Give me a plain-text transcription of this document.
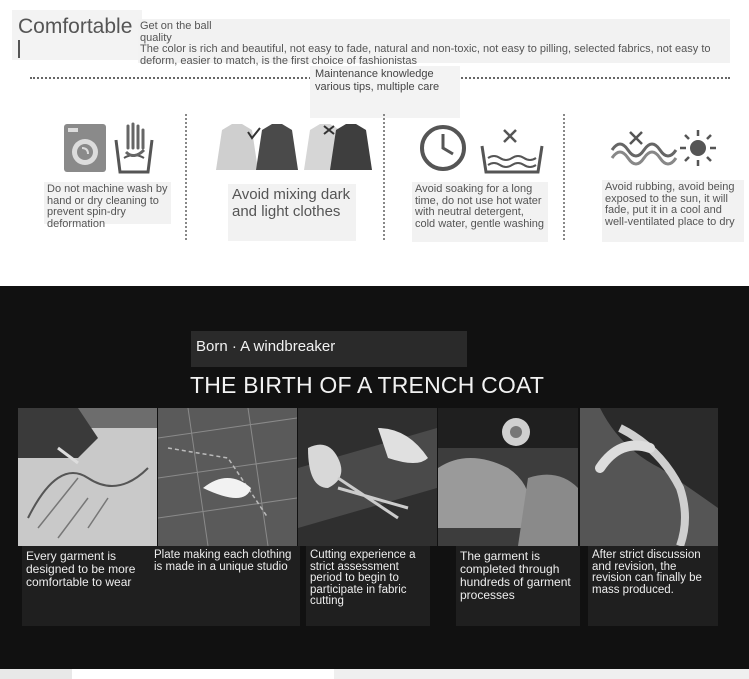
Comfortable Get on the ball quality
The color is rich and beautiful, not easy to fade, natural and non-toxic, not easy to pilling, selected fabrics, not easy to deform, easier to match, is the first choice of fashionistas
Maintenance knowledge
various tips, multiple care
Do not machine wash by hand or dry cleaning to prevent spin-dry deformation
Avoid mixing dark and light clothes
Avoid soaking for a long time, do not use hot water with neutral detergent, cold water, gentle washing
Avoid rubbing, avoid being exposed to the sun, it will fade, put it in a cool and well-ventilated place to dry
Born · A windbreaker
THE BIRTH OF A TRENCH COAT
Every garment is designed to be more comfortable to wear
Plate making each clothing is made in a unique studio
Cutting experience a strict assessment period to begin to participate in fabric cutting
The garment is completed through hundreds of garment processes
After strict discussion and revision, the revision can finally be mass produced.
